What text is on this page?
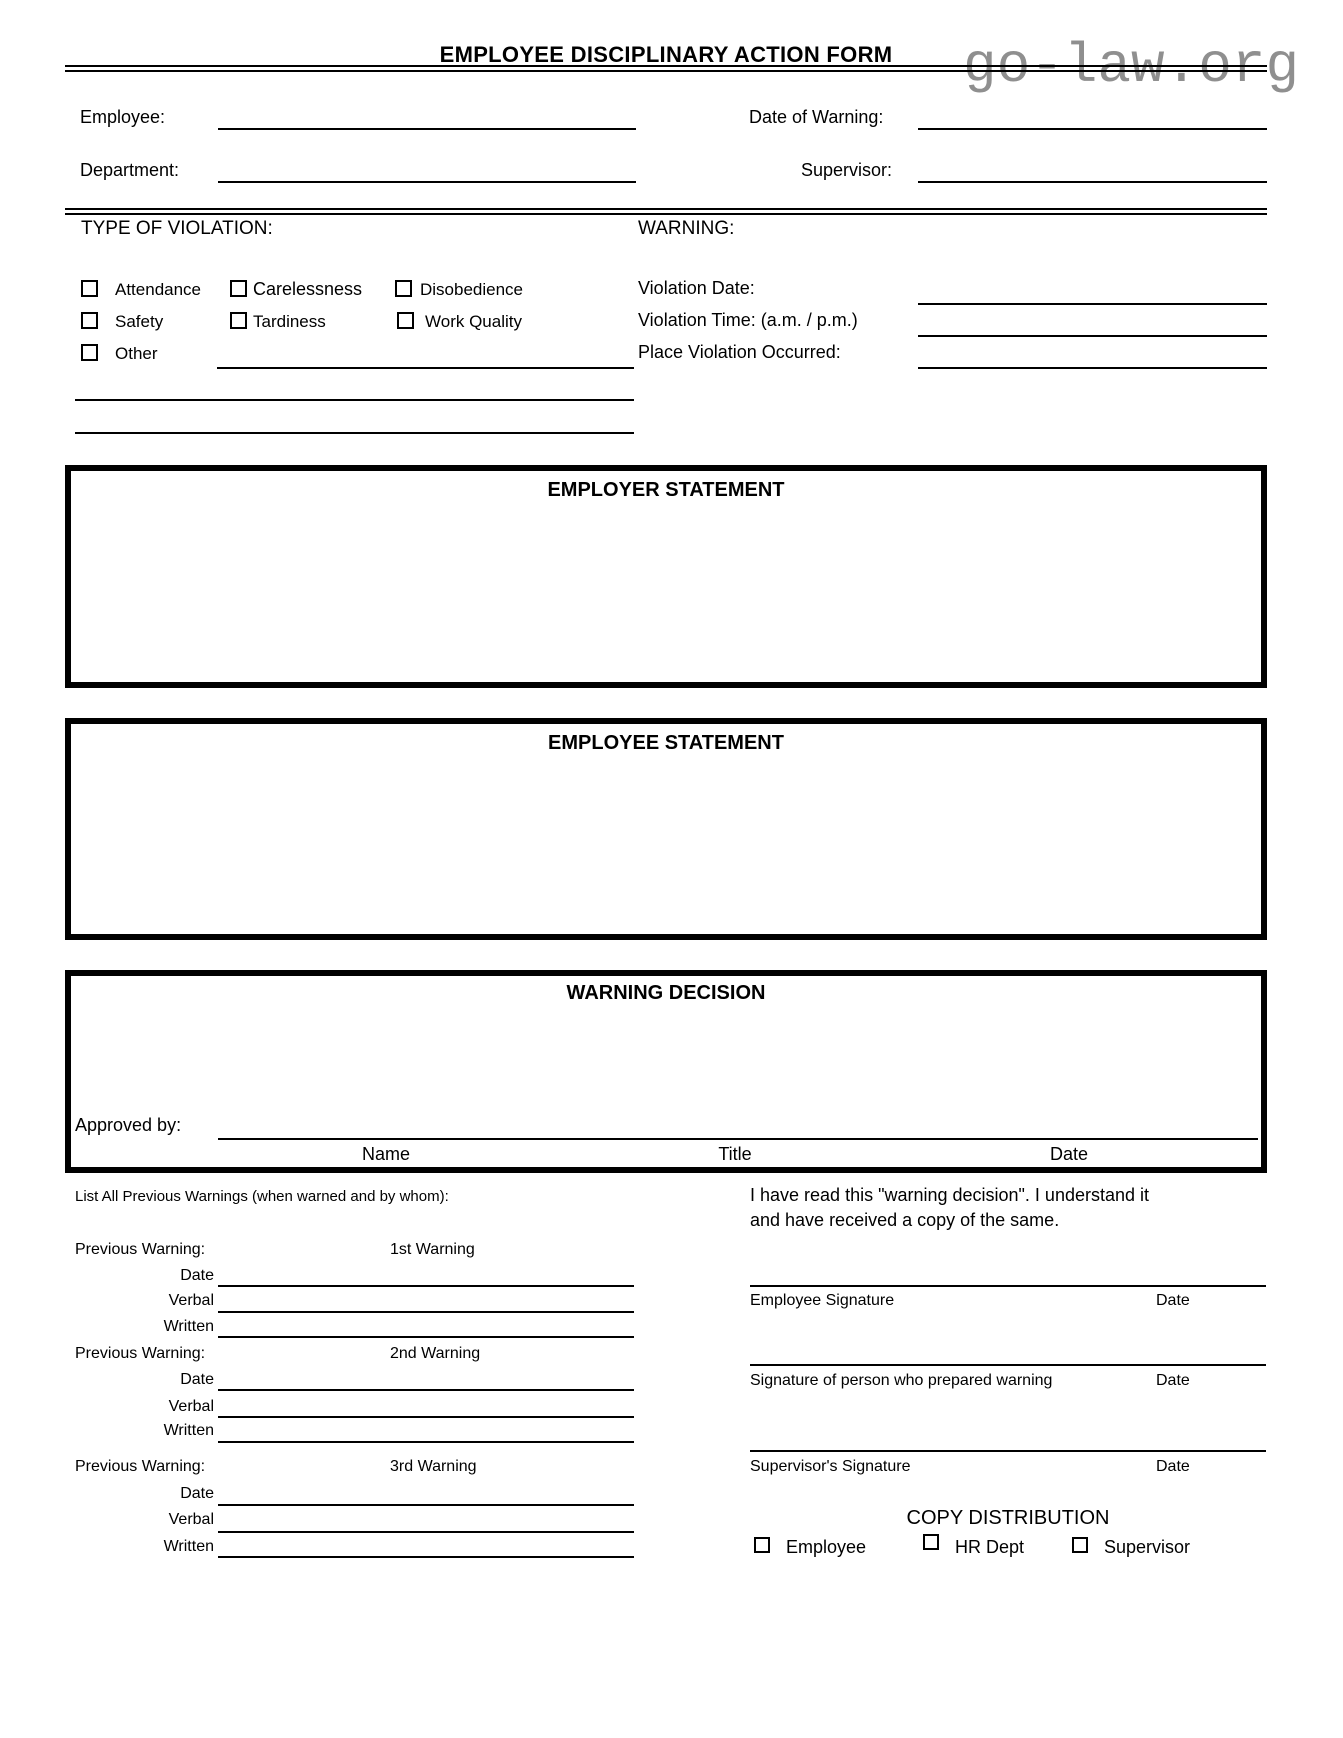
go-law.org
EMPLOYEE DISCIPLINARY ACTION FORM
Employee:	Date of Warning:
Department:	Supervisor:
TYPE OF VIOLATION:	WARNING:
Attendance	Carelessness	Disobedience
Safety	Tardiness	Work Quality
Other
Violation Date:
Violation Time: (a.m. / p.m.)
Place Violation Occurred:
EMPLOYER STATEMENT
EMPLOYEE STATEMENT
WARNING DECISION
Approved by:
Name	Title	Date
List All Previous Warnings (when warned and by whom):
Previous Warning:	1st Warning
Date
Verbal
Written
Previous Warning:	2nd Warning
Date
Verbal
Written
Previous Warning:	3rd Warning
Date
Verbal
Written
I have read this "warning decision". I understand it
and have received a copy of the same.
Employee Signature	Date
Signature of person who prepared warning	Date
Supervisor's Signature	Date
COPY DISTRIBUTION
Employee	HR Dept	Supervisor
